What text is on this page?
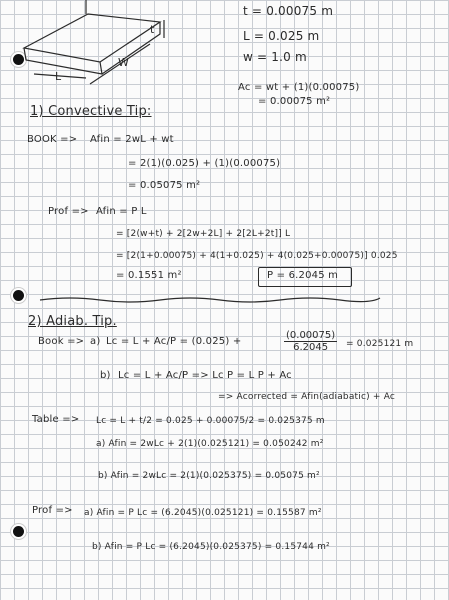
t
L
W
t = 0.00075 m
L = 0.025 m
w = 1.0 m
Ac = wt + (1)(0.00075)
= 0.00075 m²
1) Convective Tip:
BOOK => Afin = 2wL + wt
= 2(1)(0.025) + (1)(0.00075)
= 0.05075 m²
Prof => Afin = P L
= [2(w+t) + 2[2w+2L] + 2[2L+2t]] L
= [2(1+0.00075) + 4(1+0.025) + 4(0.025+0.00075)] 0.025
= 0.1551 m²	P = 6.2045 m
2) Adiab. Tip.
Book => a) Lc = L + Ac/P = (0.025) +	$\frac{(0.00075)}{6.2045} = 0.025121$ m
b) Lc = L + Ac/P => Lc P = L P + Ac
=> Acorrected = Afin(adiabatic) + Ac
Table => Lc = L + t/2 = 0.025 + 0.00075/2 = 0.025375 m
a) Afin = 2wLc + 2(1)(0.025121) = 0.050242 m²
b) Afin = 2wLc = 2(1)(0.025375) = 0.05075 m²
Prof => a) Afin = P Lc = (6.2045)(0.025121) = 0.15587 m²
b) Afin = P Lc = (6.2045)(0.025375) = 0.15744 m²
